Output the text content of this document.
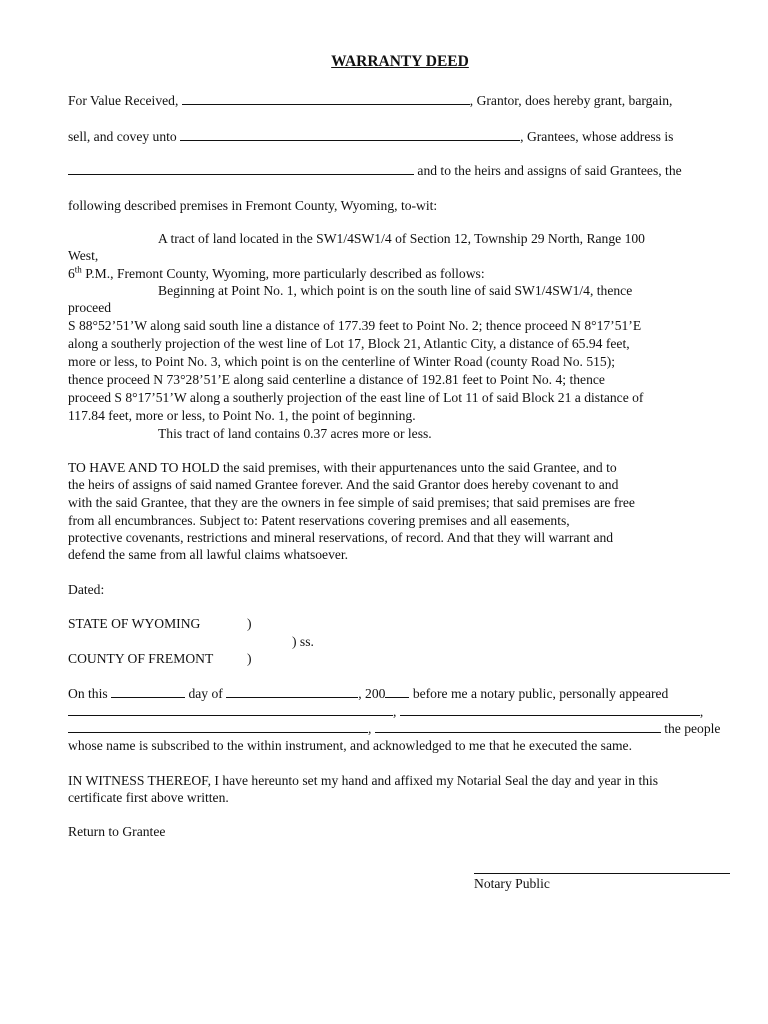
WARRANTY DEED
For Value Received,	, Grantor, does hereby grant, bargain,
sell, and covey unto	, Grantees, whose address is
and to the heirs and assigns of said Grantees, the
following described premises in Fremont County, Wyoming, to-wit:
A tract of land located in the SW1/4SW1/4 of Section 12, Township 29 North, Range 100
West,
6th P.M., Fremont County, Wyoming, more particularly described as follows:
Beginning at Point No. 1, which point is on the south line of said SW1/4SW1/4, thence
proceed
S 88°52’51’W along said south line a distance of 177.39 feet to Point No. 2; thence proceed N 8°17’51’E
along a southerly projection of the west line of Lot 17, Block 21, Atlantic City, a distance of 65.94 feet,
more or less, to Point No. 3, which point is on the centerline of Winter Road (county Road No. 515);
thence proceed N 73°28’51’E along said centerline a distance of 192.81 feet to Point No. 4; thence
proceed S 8°17’51’W along a southerly projection of the east line of Lot 11 of said Block 21 a distance of
117.84 feet, more or less, to Point No. 1, the point of beginning.
This tract of land contains 0.37 acres more or less.
TO HAVE AND TO HOLD the said premises, with their appurtenances unto the said Grantee, and to
the heirs of assigns of said named Grantee forever. And the said Grantor does hereby covenant to and
with the said Grantee, that they are the owners in fee simple of said premises; that said premises are free
from all encumbrances. Subject to: Patent reservations covering premises and all easements,
protective covenants, restrictions and mineral reservations, of record. And that they will warrant and
defend the same from all lawful claims whatsoever.
Dated:
STATE OF WYOMING	)
) ss.
COUNTY OF FREMONT )
On this	day of	, 200 before me a notary public, personally appeared
,	,
,	the people
whose name is subscribed to the within instrument, and acknowledged to me that he executed the same.
IN WITNESS THEREOF, I have hereunto set my hand and affixed my Notarial Seal the day and year in this
certificate first above written.
Return to Grantee
Notary Public
